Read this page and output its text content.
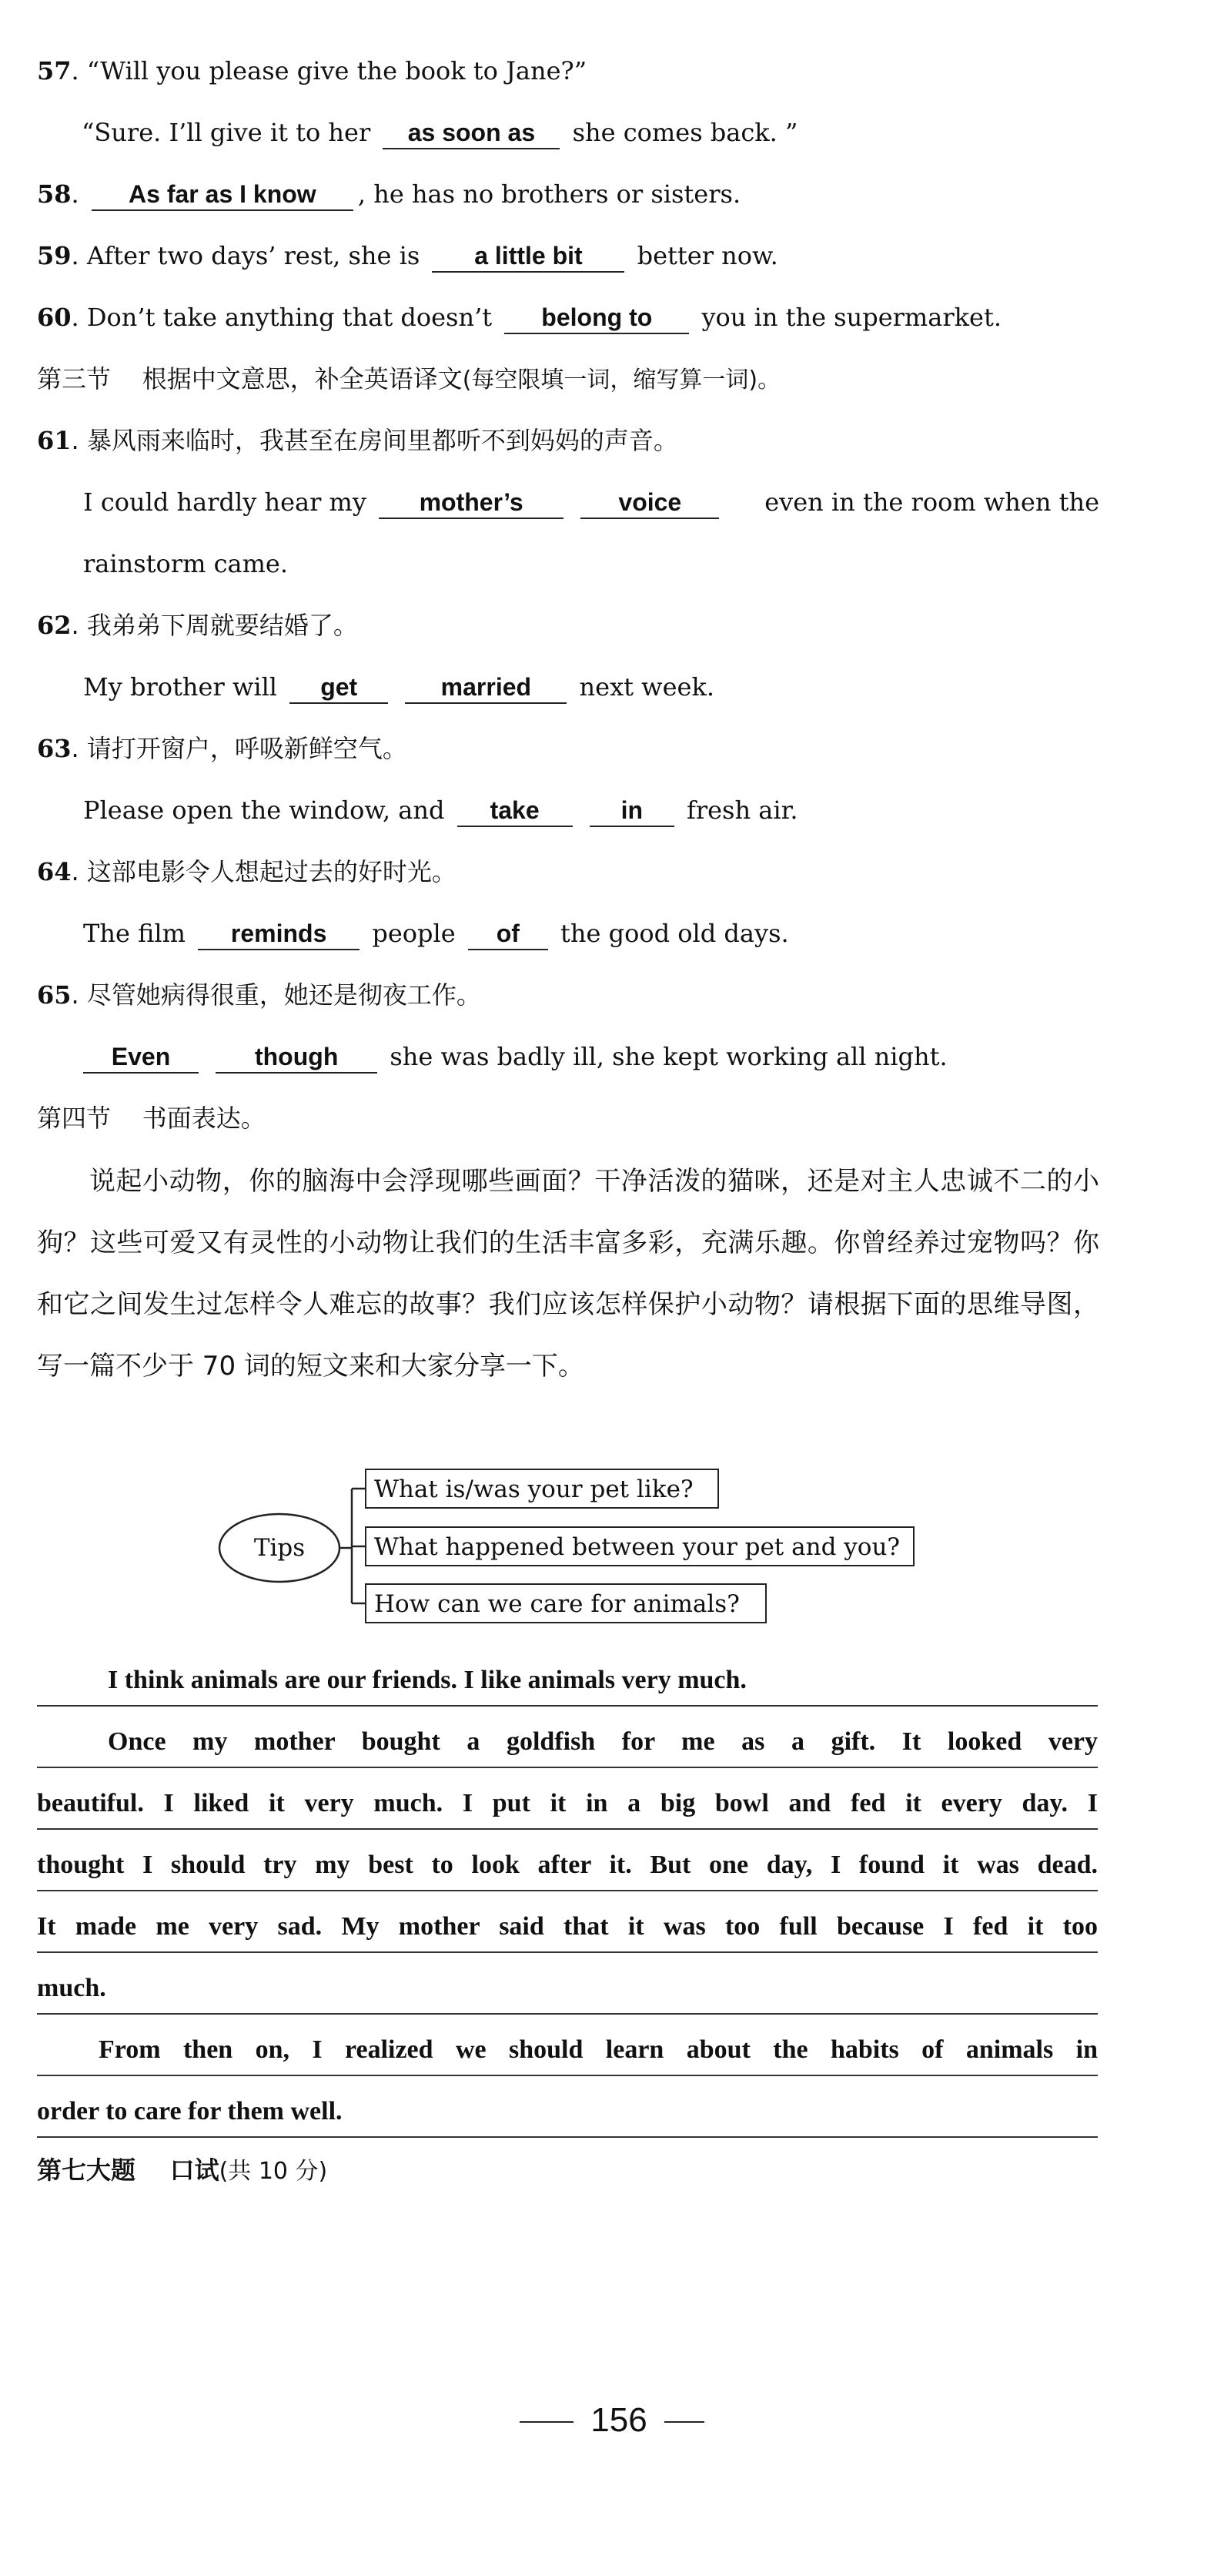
57. “Will you please give the book to Jane?”
“Sure. I’ll give it to her as soon as she comes back. ”
58. As far as I know , he has no brothers or sisters.
59. After two days’ rest, she is a little bit better now.
60. Don’t take anything that doesn’t belong to you in the supermarket.
第三节 根据中文意思，补全英语译文(每空限填一词，缩写算一词)。
61. 暴风雨来临时，我甚至在房间里都听不到妈妈的声音。
I could hardly hear my mother’s	voice	even in the room when the
rainstorm came.
62. 我弟弟下周就要结婚了。
My brother will get	married next week.
63. 请打开窗户，呼吸新鲜空气。
Please open the window, and take	in fresh air.
64. 这部电影令人想起过去的好时光。
The film reminds people of the good old days.
65. 尽管她病得很重，她还是彻夜工作。
Even	though she was badly ill, she kept working all night.
第四节 书面表达。
说起小动物，你的脑海中会浮现哪些画面？干净活泼的猫咪，还是对主人忠诚不二的小狗？这些可爱又有灵性的小动物让我们的生活丰富多彩，充满乐趣。你曾经养过宠物吗？你和它之间发生过怎样令人难忘的故事？我们应该怎样保护小动物？请根据下面的思维导图，写一篇不少于 70 词的短文来和大家分享一下。
Tips
What is/was your pet like?
What happened between your pet and you?
How can we care for animals?
I think animals are our friends. I like animals very much.
Once my mother bought a goldfish for me as a gift. It looked very
beautiful. I liked it very much. I put it in a big bowl and fed it every day. I
thought I should try my best to look after it. But one day, I found it was dead.
It made me very sad. My mother said that it was too full because I fed it too
much.
From then on, I realized we should learn about the habits of animals in
order to care for them well.
第七大题 口试(共 10 分)
156
